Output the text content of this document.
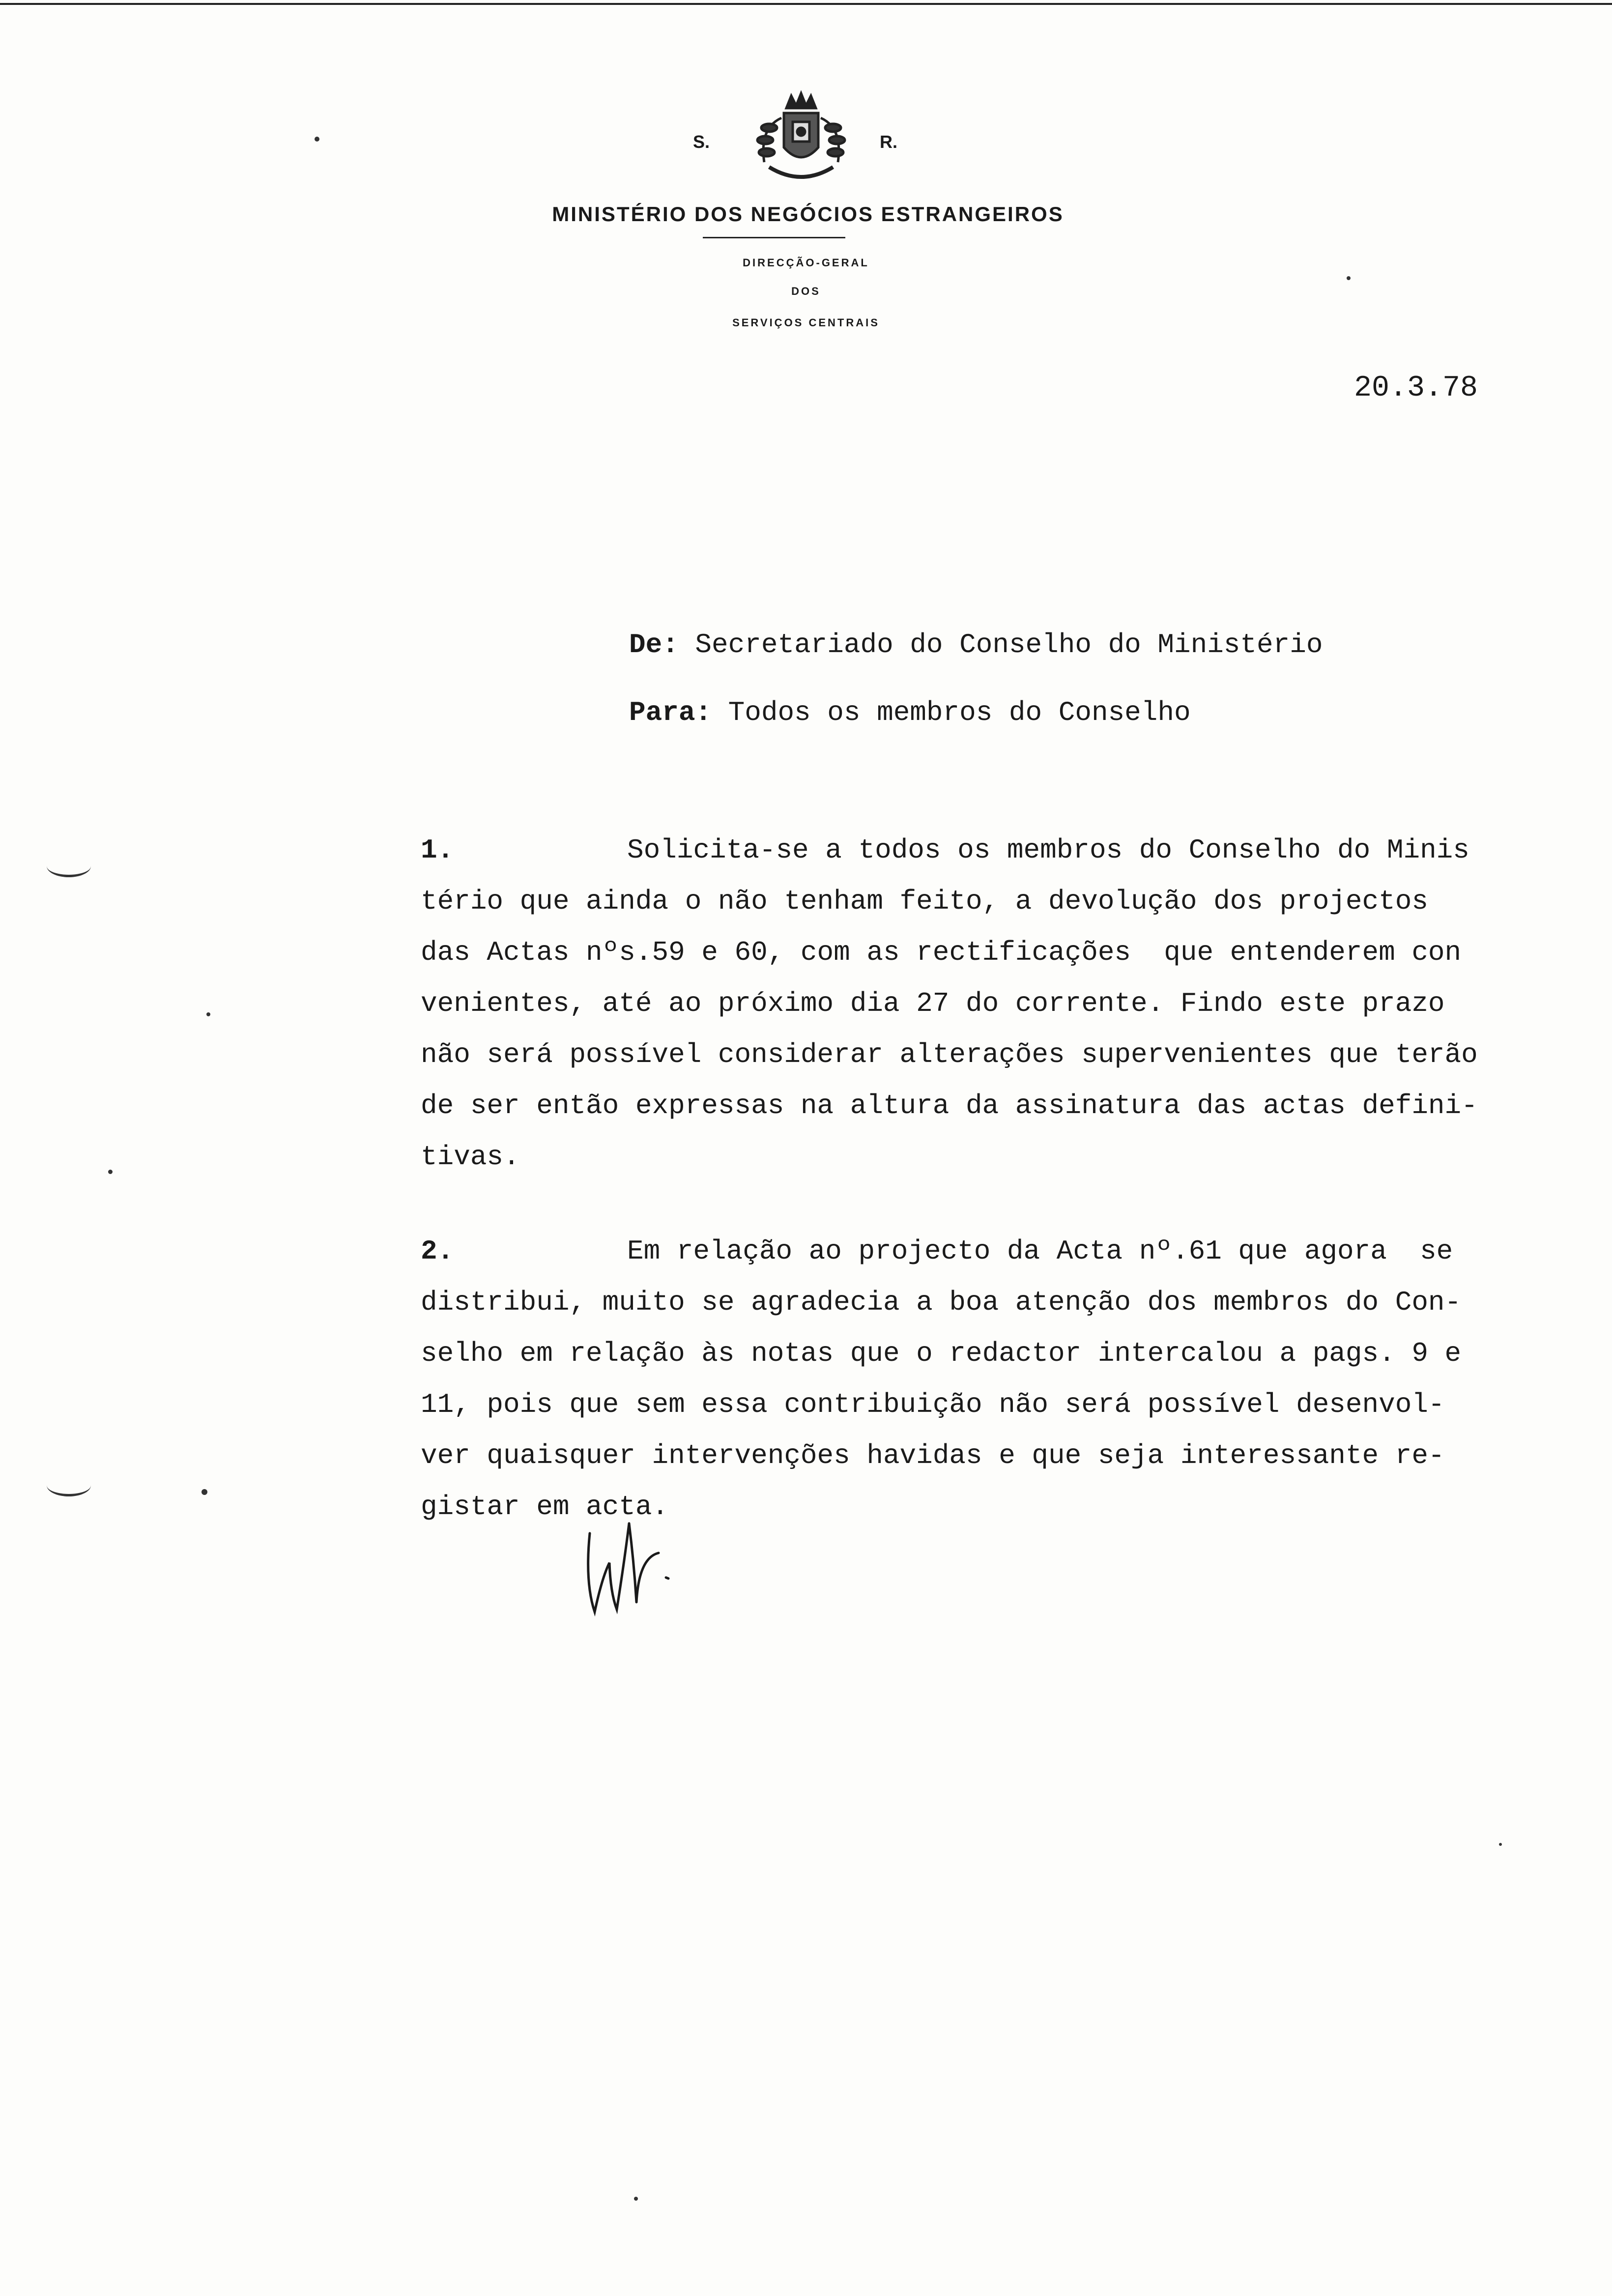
S.	R.
MINISTÉRIO DOS NEGÓCIOS ESTRANGEIROS
DIRECÇÃO-GERAL
DOS
SERVIÇOS CENTRAIS
20.3.78
De: Secretariado do Conselho do Ministério
Para: Todos os membros do Conselho
1.	Solicita-se a todos os membros do Conselho do Minis
tério que ainda o não tenham feito, a devolução dos projectos
das Actas nºs.59 e 60, com as rectificações  que entenderem con
venientes, até ao próximo dia 27 do corrente. Findo este prazo
não será possível considerar alterações supervenientes que terão
de ser então expressas na altura da assinatura das actas defini-
tivas.
2.	Em relação ao projecto da Acta nº.61 que agora  se
distribui, muito se agradecia a boa atenção dos membros do Con-
selho em relação às notas que o redactor intercalou a pags. 9 e
11, pois que sem essa contribuição não será possível desenvol-
ver quaisquer intervenções havidas e que seja interessante re-
gistar em acta.
